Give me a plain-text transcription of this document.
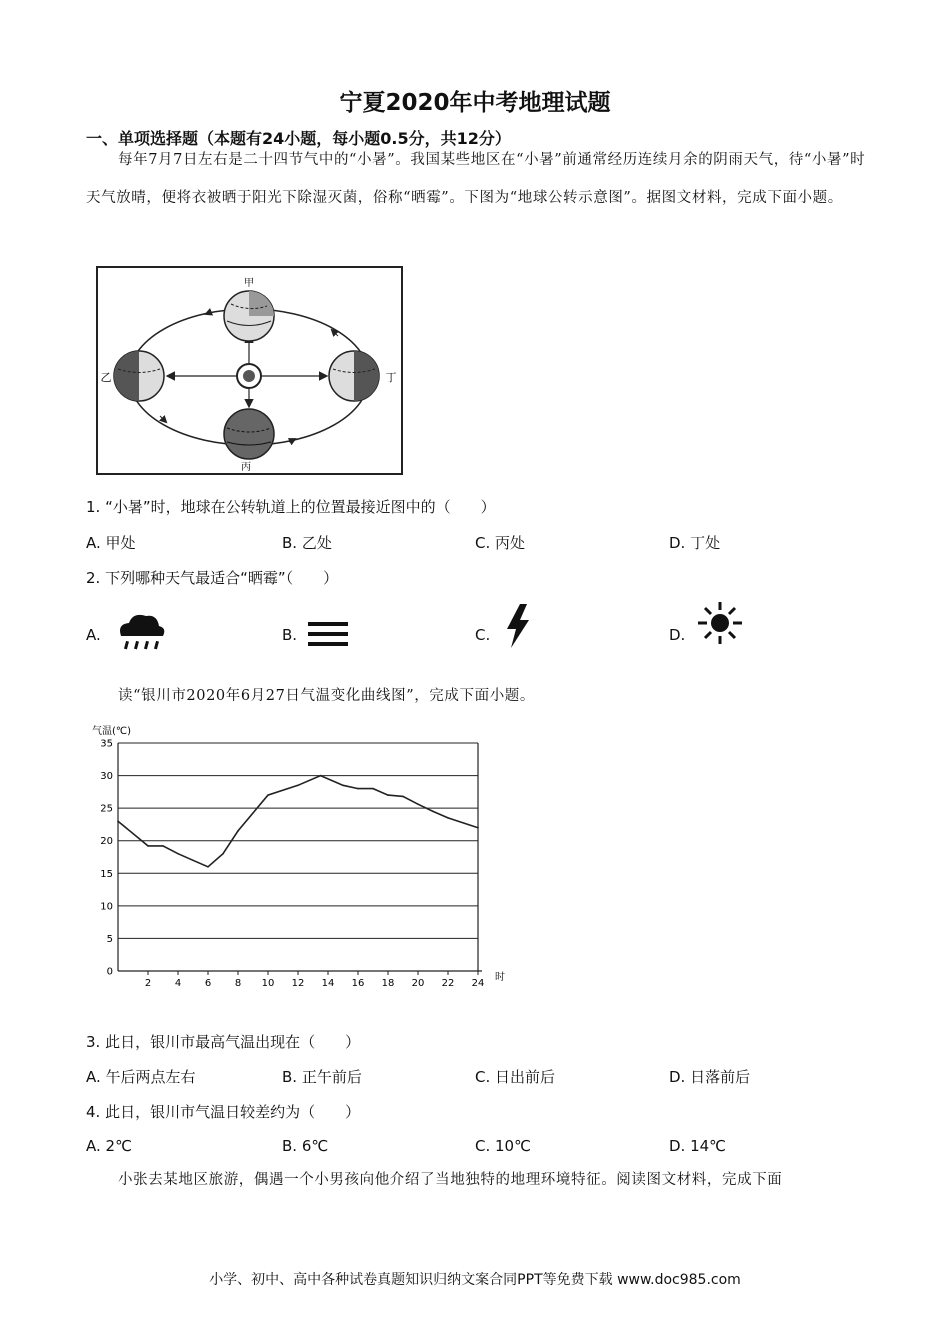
宁夏2020年中考地理试题
一、单项选择题（本题有24小题，每小题0.5分，共12分）
每年7月7日左右是二十四节气中的“小暑”。我国某些地区在“小暑”前通常经历连续月余的阴雨天气，待“小暑”时天气放晴，便将衣被晒于阳光下除湿灭菌，俗称“晒霉”。下图为“地球公转示意图”。据图文材料，完成下面小题。
甲
乙
丙
丁
1. “小暑”时，地球在公转轨道上的位置最接近图中的（　　）
A. 甲处	B. 乙处	C. 丙处	D. 丁处
2. 下列哪种天气最适合“晒霉”（　　）
A.	B.	C.	D.
读“银川市2020年6月27日气温变化曲线图”，完成下面小题。
气温(℃)
时
0
5
10
15
20
25
30
35
2 4 6 8 10 12 14 16 18 20 22 24
3. 此日，银川市最高气温出现在（　　）
A. 午后两点左右	B. 正午前后	C. 日出前后	D. 日落前后
4. 此日，银川市气温日较差约为（　　）
A. 2℃	B. 6℃	C. 10℃	D. 14℃
小张去某地区旅游，偶遇一个小男孩向他介绍了当地独特的地理环境特征。阅读图文材料，完成下面
小学、初中、高中各种试卷真题知识归纳文案合同PPT等免费下载 www.doc985.com
